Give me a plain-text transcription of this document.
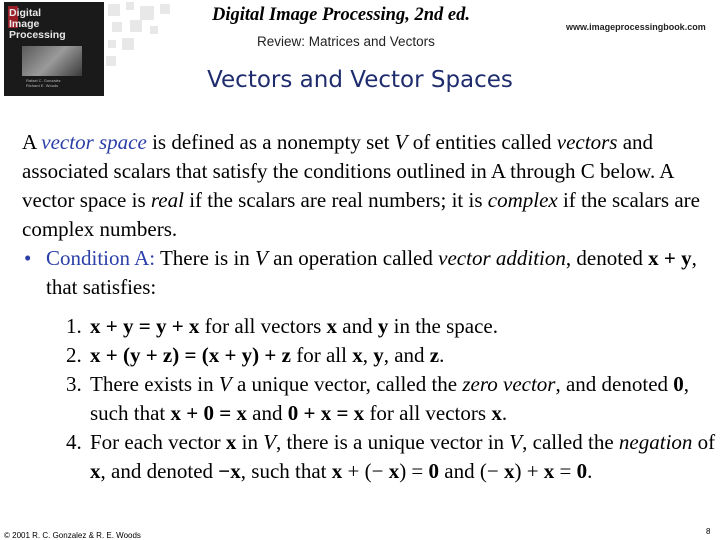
Digital
Image
Processing
Rafael C. Gonzalez
Richard E. Woods
Digital Image Processing, 2nd ed.
www.imageprocessingbook.com
Review: Matrices and Vectors
Vectors and Vector Spaces
A vector space is defined as a nonempty set V of entities called vectors and associated scalars that satisfy the conditions outlined in A through C below. A vector space is real if the scalars are real numbers; it is complex if the scalars are complex numbers.
• Condition A: There is in V an operation called vector addition, denoted x + y, that satisfies:
1. x + y = y + x for all vectors x and y in the space.
2. x + (y + z) = (x + y) + z for all x, y, and z.
3. There exists in V a unique vector, called the zero vector, and denoted 0, such that x + 0 = x and 0 + x = x for all vectors x.
4. For each vector x in V, there is a unique vector in V, called the negation of x, and denoted −x, such that x + (− x) = 0 and (− x) + x = 0.
© 2001 R. C. Gonzalez & R. E. Woods	8
